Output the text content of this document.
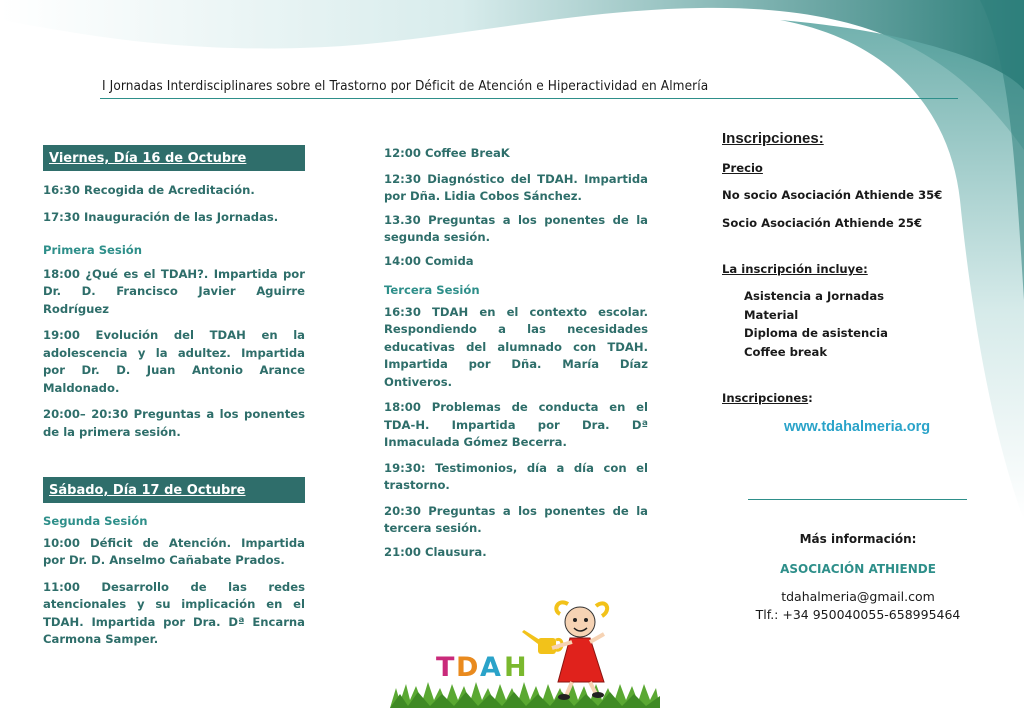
I Jornadas Interdisciplinares sobre el Trastorno por Déficit de Atención e Hiperactividad en Almería
Viernes, Día 16 de Octubre

16:30 Recogida de Acreditación.

17:30 Inauguración de las Jornadas.

Primera Sesión

18:00 ¿Qué es el TDAH?. Impartida por Dr. D. Francisco Javier Aguirre Rodríguez

19:00 Evolución del TDAH en la adolescencia y la adultez. Impartida por Dr. D. Juan Antonio Arance Maldonado.

20:00– 20:30 Preguntas a los ponentes de la primera sesión.

Sábado, Día 17 de Octubre

Segunda Sesión

10:00 Déficit de Atención. Impartida por Dr. D. Anselmo Cañabate Prados.

11:00 Desarrollo de las redes atencionales y su implicación en el TDAH. Impartida por Dra. Dª Encarna Carmona Samper.

12:00 Coffee BreaK

12:30 Diagnóstico del TDAH. Impartida por Dña. Lidia Cobos Sánchez.

13.30 Preguntas a los ponentes de la segunda sesión.

14:00 Comida

Tercera Sesión

16:30 TDAH en el contexto escolar. Respondiendo a las necesidades educativas del alumnado con TDAH. Impartida por Dña. María Díaz Ontiveros.

18:00 Problemas de conducta en el TDA-H. Impartida por Dra. Dª Inmaculada Gómez Becerra.

19:30: Testimonios, día a día con el trastorno.

20:30 Preguntas a los ponentes de la tercera sesión.

21:00 Clausura.

Inscripciones:
Precio
No socio Asociación Athiende 35€
Socio Asociación Athiende 25€
La inscripción incluye:
Asistencia a Jornadas
Material
Diploma de asistencia
Coffee break
Inscripciones:
www.tdahalmeria.org
Más información:
ASOCIACIÓN ATHIENDE
tdahalmeria@gmail.com
Tlf.: +34 950040055-658995464
T D A H
